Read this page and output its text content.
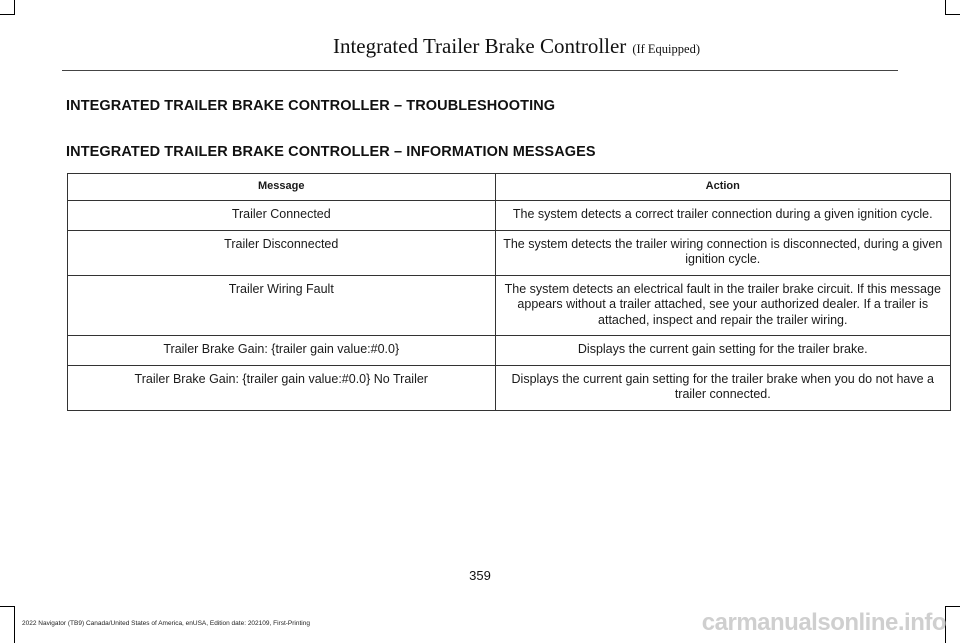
Integrated Trailer Brake Controller (If Equipped)
INTEGRATED TRAILER BRAKE CONTROLLER – TROUBLESHOOTING
INTEGRATED TRAILER BRAKE CONTROLLER – INFORMATION MESSAGES
Message	Action
Trailer Connected	The system detects a correct trailer connection during a given ignition cycle.
Trailer Disconnected	The system detects the trailer wiring connection is disconnected, during a given ignition cycle.
Trailer Wiring Fault	The system detects an electrical fault in the trailer brake circuit. If this message appears without a trailer attached, see your authorized dealer. If a trailer is attached, inspect and repair the trailer wiring.
Trailer Brake Gain: {trailer gain value:#0.0}	Displays the current gain setting for the trailer brake.
Trailer Brake Gain: {trailer gain value:#0.0} No Trailer	Displays the current gain setting for the trailer brake when you do not have a trailer connected.
359
2022 Navigator (TB9) Canada/United States of America, enUSA, Edition date: 202109, First-Printing	carmanualsonline.info
